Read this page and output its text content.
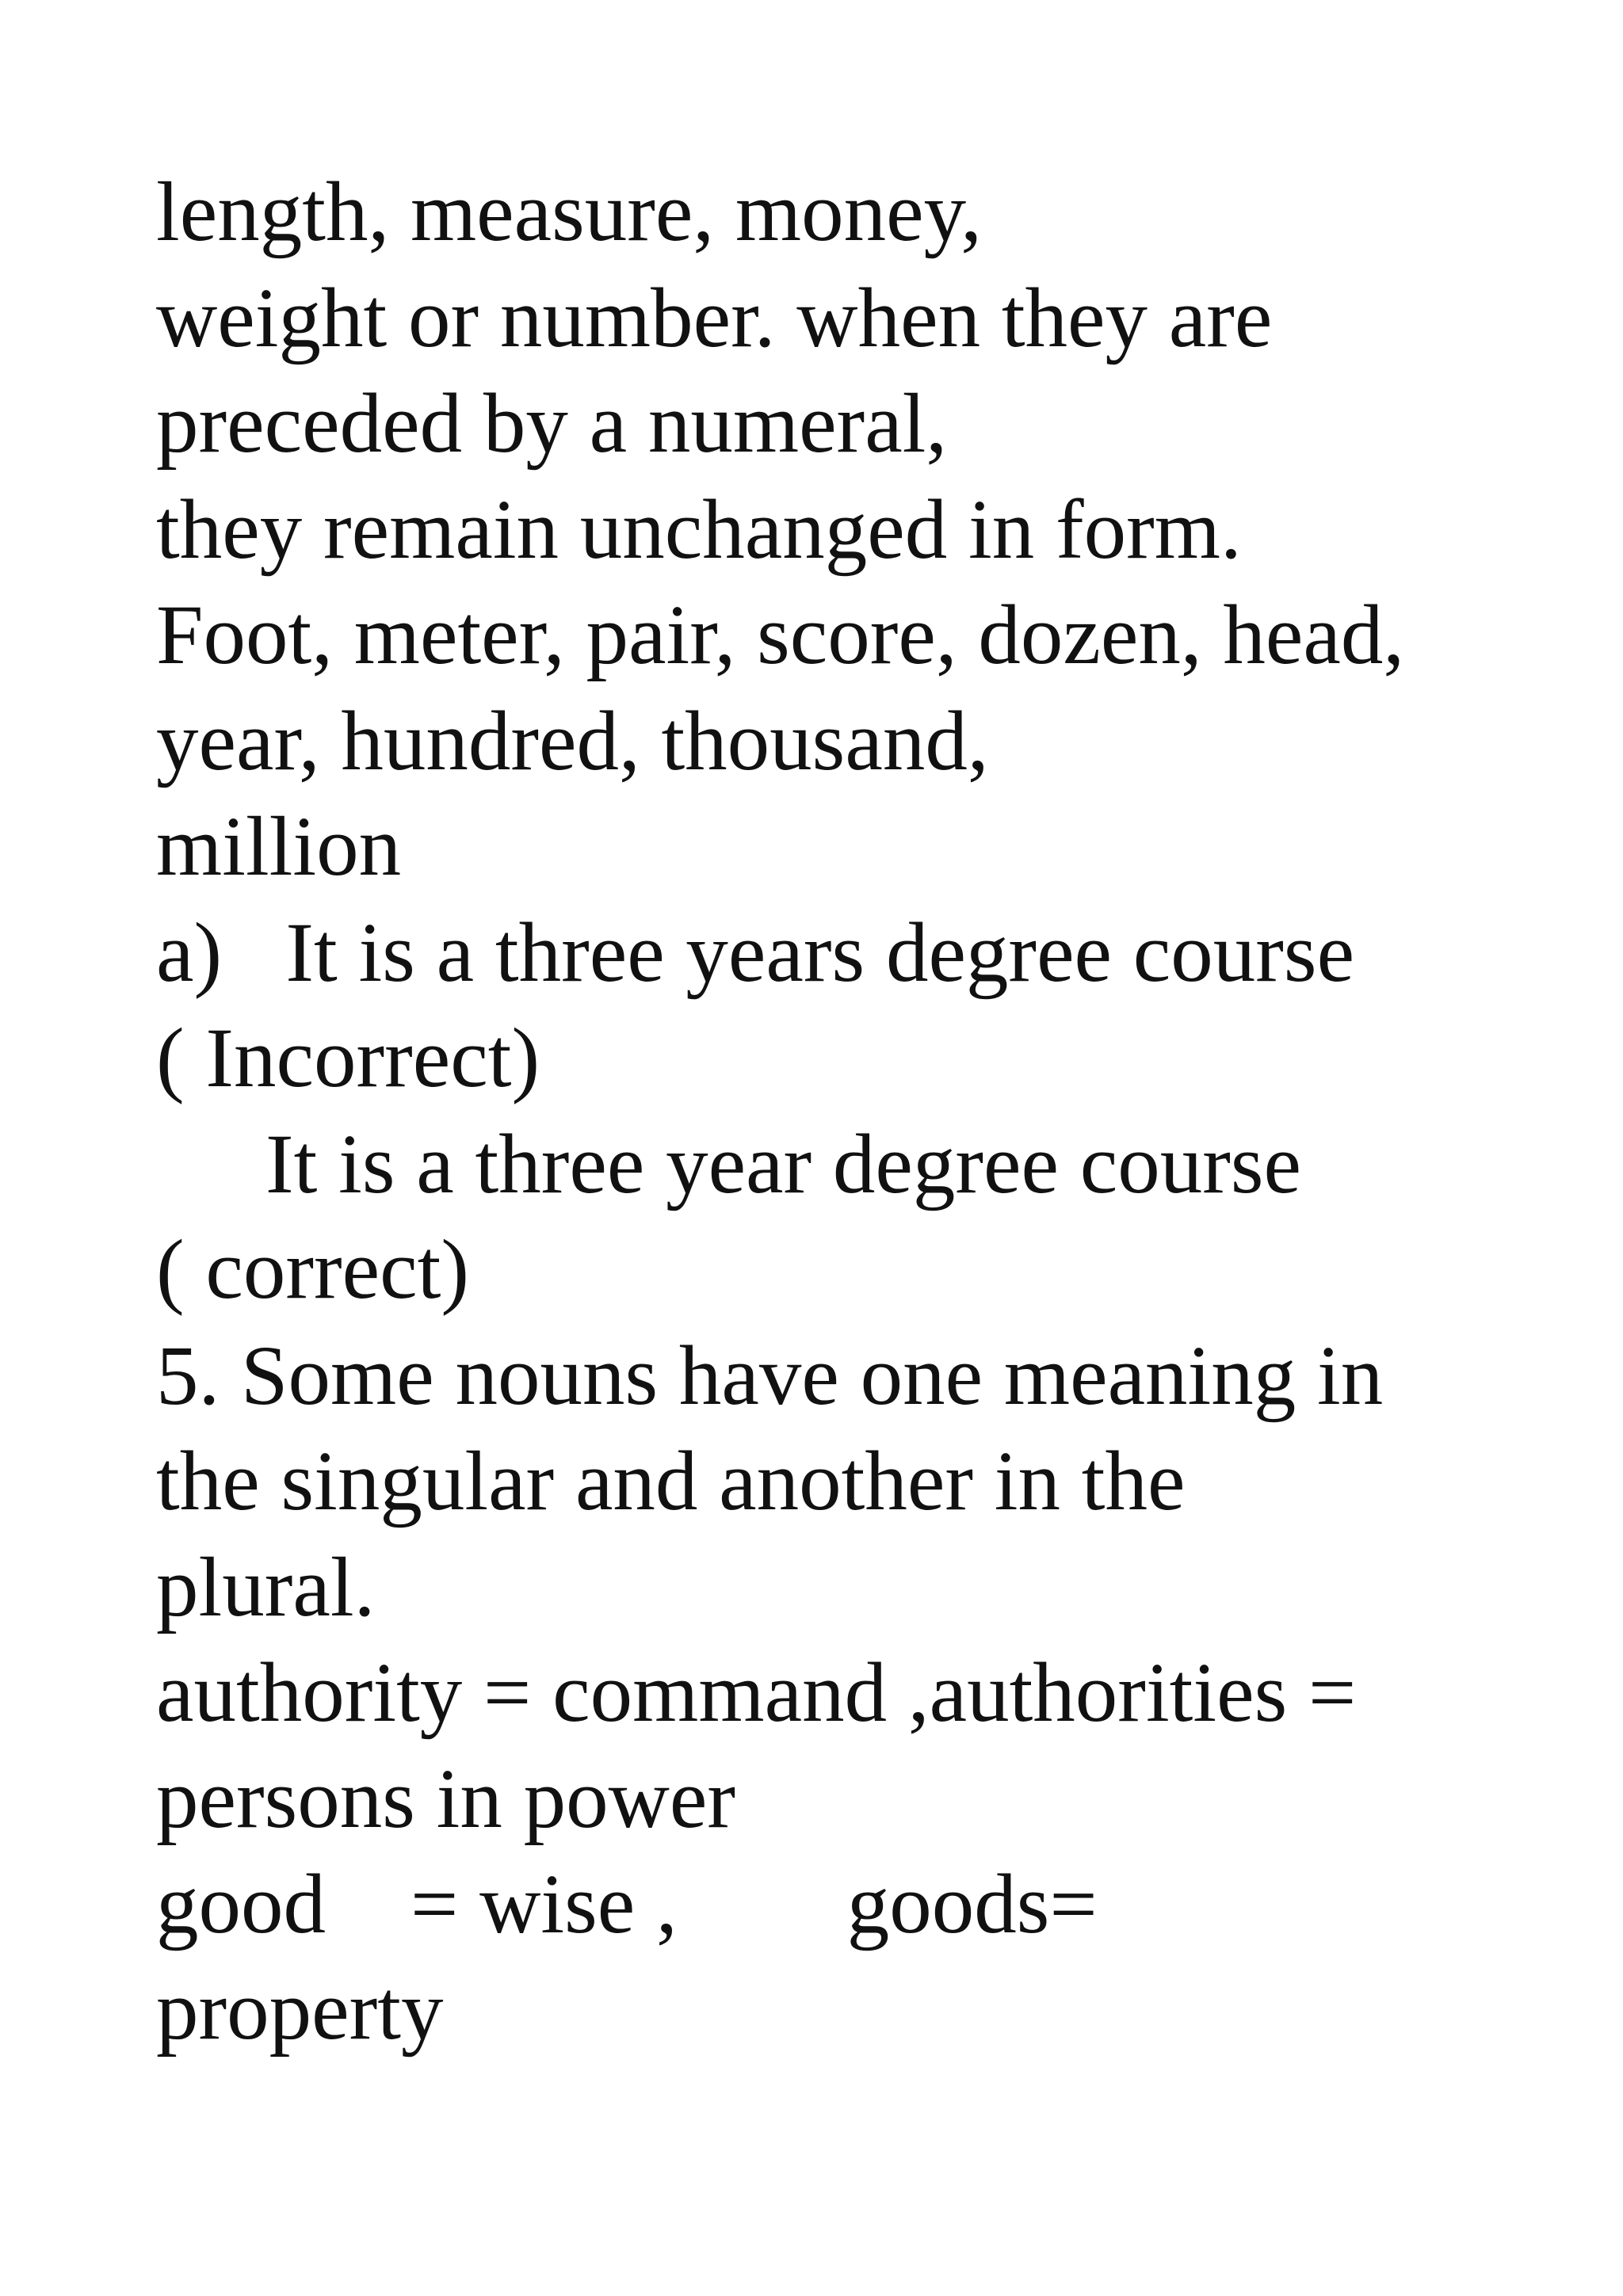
length, measure, money,
weight or number. when they are
preceded by a numeral,
they remain unchanged in form.
Foot, meter, pair, score, dozen, head,
year, hundred, thousand,
million
a)   It is a three years degree course
( Incorrect)
It is a three year degree course
( correct)
5. Some nouns have one meaning in
the singular and another in the
plural.
authority = command ,authorities =
persons in power
good    = wise ,        goods=
property
